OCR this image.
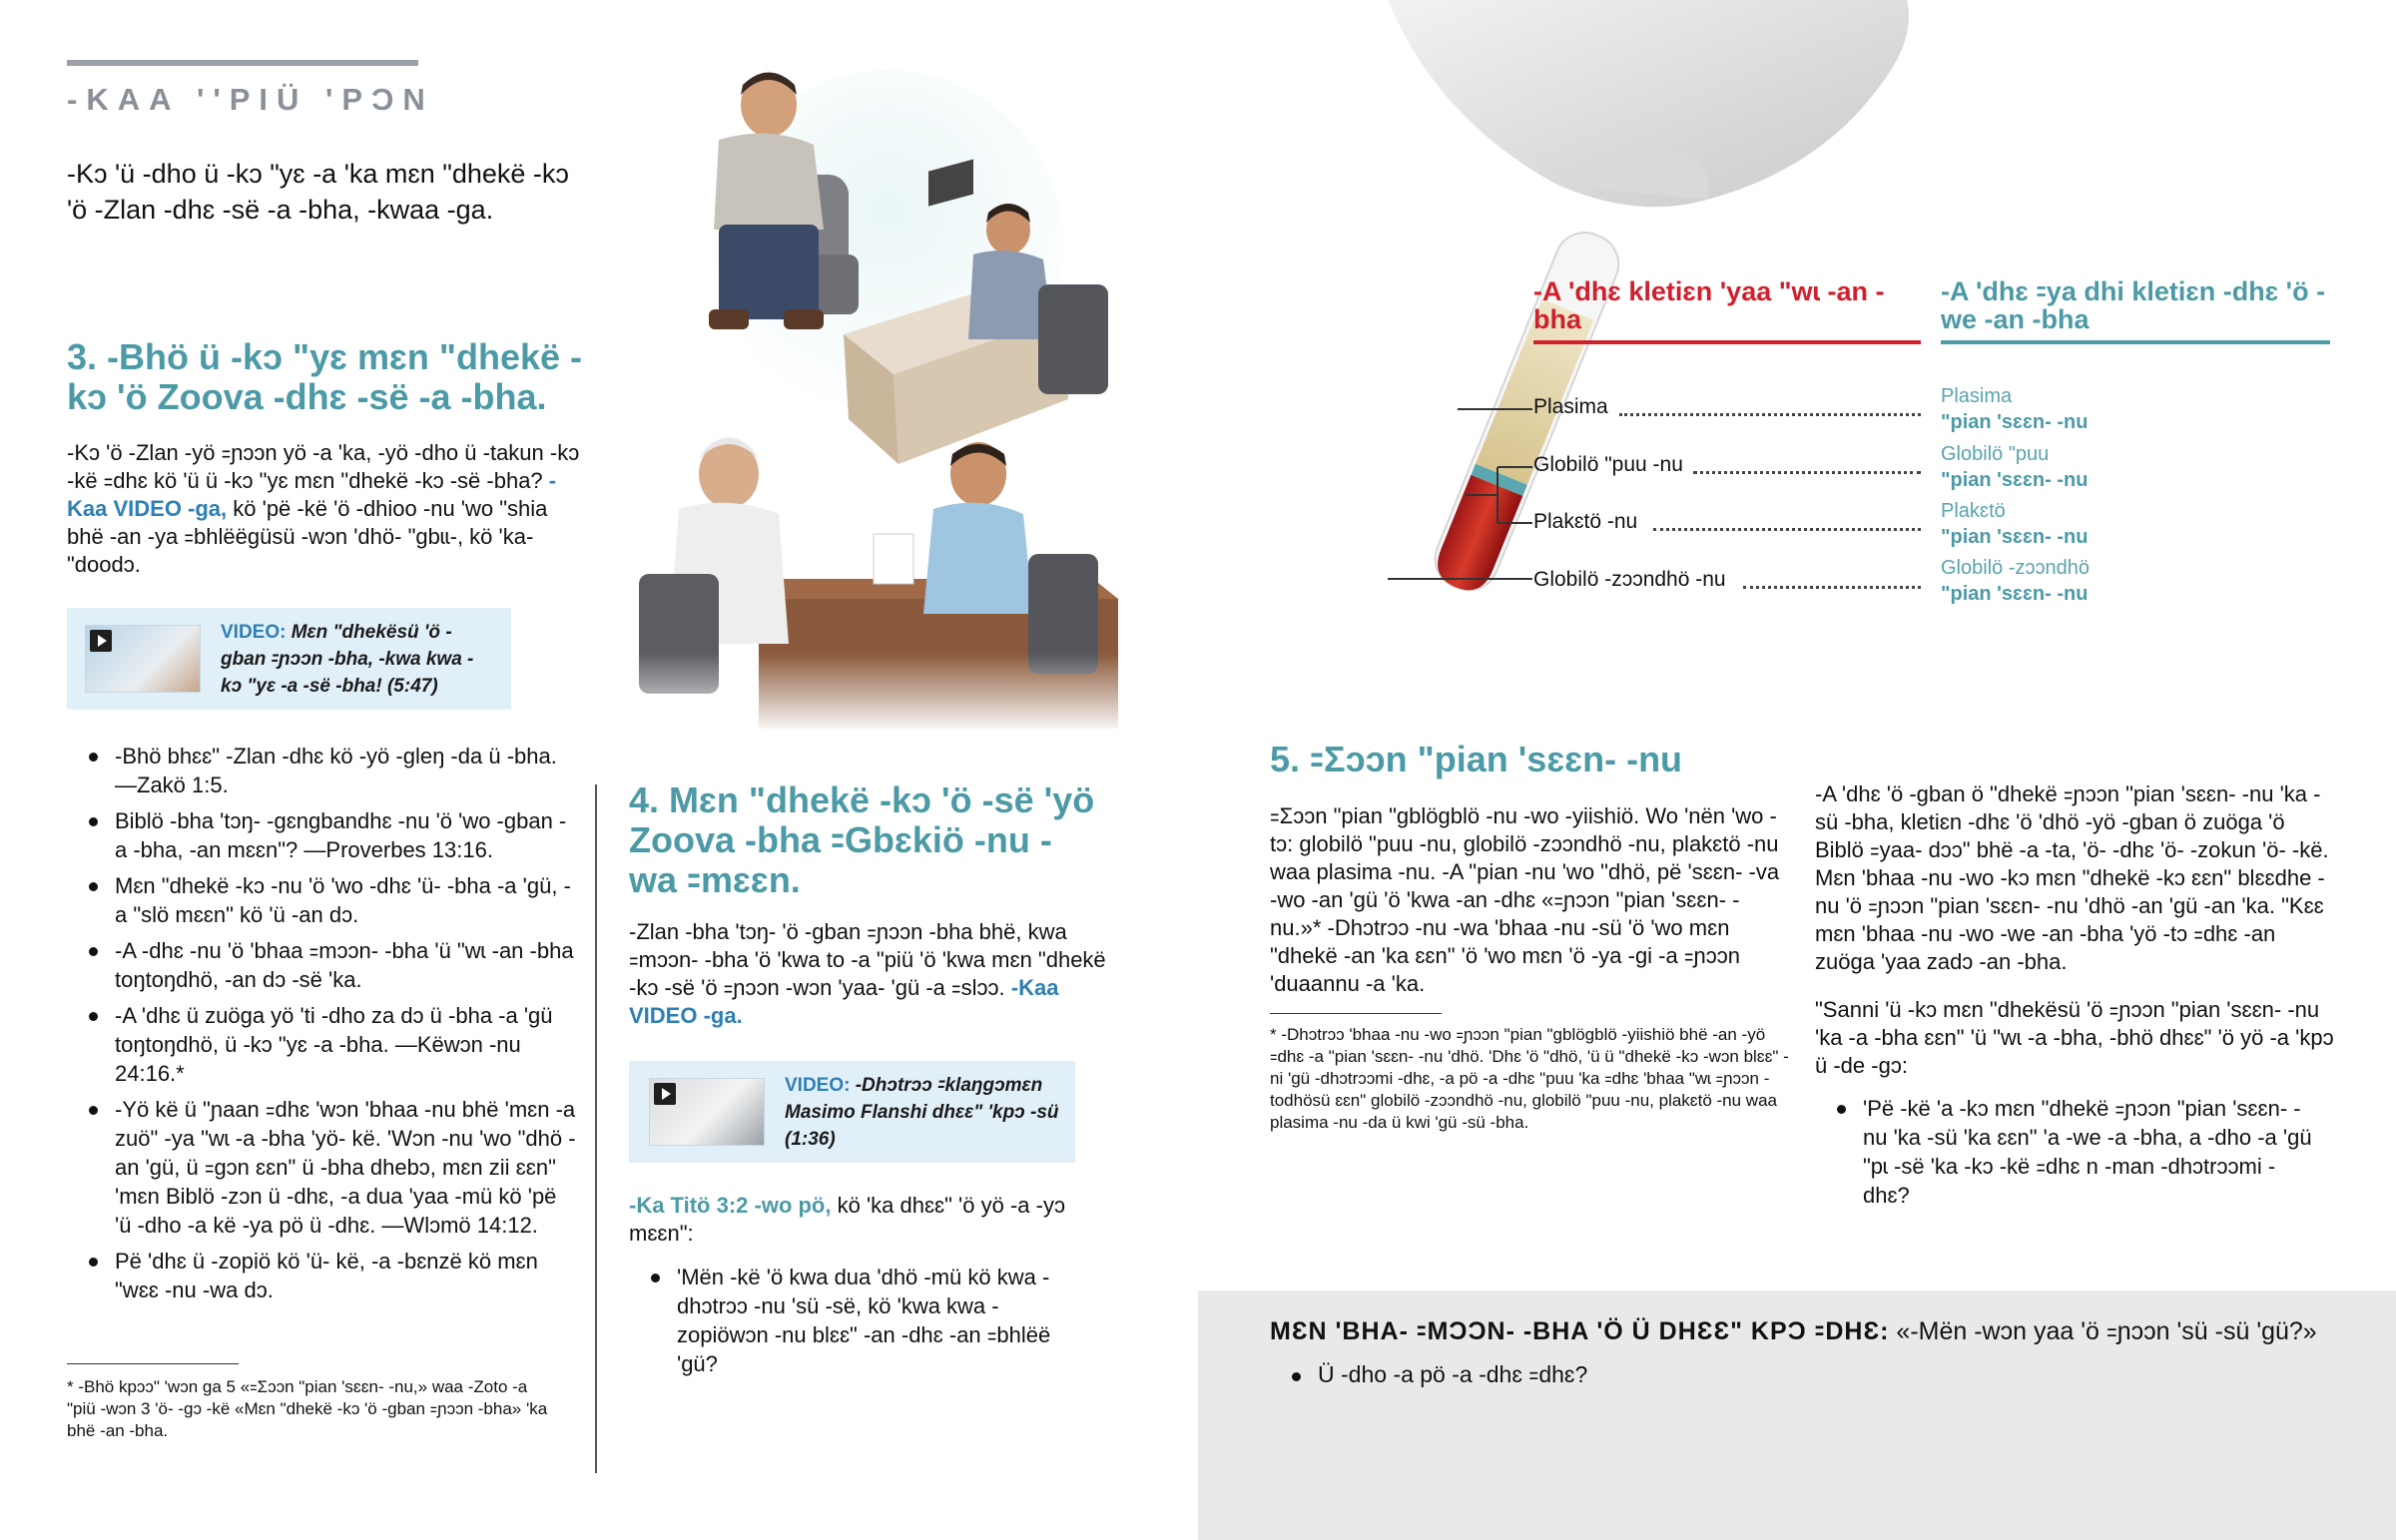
-KAA ''PIÜ 'PƆN
-Kɔ 'ü -dho ü -kɔ "yɛ -a 'ka mɛn "dhekë -kɔ 'ö -Zlan -dhɛ -së -a -bha, -kwaa -ga.
3. -Bhö ü -kɔ "yɛ mɛn "dhekë -kɔ 'ö Zoova -dhɛ -së -a -bha.
-Kɔ 'ö -Zlan -yö ꞊ɲɔɔn yö -a 'ka, -yö -dho ü -takun -kɔ -kë ꞊dhɛ kö 'ü ü -kɔ "yɛ mɛn "dhekë -kɔ -së -bha? -Kaa VIDEO -ga, kö 'pë -kë 'ö -dhioo -nu 'wo "shia bhë -an -ya ꞊bhlëëgüsü -wɔn 'dhö- "gbɩɩ-, kö 'ka- "doodɔ.
VIDEO: Mɛn "dhekësü 'ö -gban ꞊ɲɔɔn -bha, -kwa kwa -kɔ "yɛ -a -së -bha! (5:47)
-Bhö bhɛɛ" -Zlan -dhɛ kö -yö -gleŋ -da ü -bha.—Zakö 1:5.
Biblö -bha 'tɔŋ- -gɛngbandhɛ -nu 'ö 'wo -gban -a -bha, -an mɛɛn"? —Proverbes 13:16.
Mɛn "dhekë -kɔ -nu 'ö 'wo -dhɛ 'ü- -bha -a 'gü, -a "slö mɛɛn" kö 'ü -an dɔ.
-A -dhɛ -nu 'ö 'bhaa ꞊mɔɔn- -bha 'ü "wɩ -an -bha toŋtoŋdhö, -an dɔ -së 'ka.
-A 'dhɛ ü zuöga yö 'ti -dho za dɔ ü -bha -a 'gü toŋtoŋdhö, ü -kɔ "yɛ -a -bha. —Këwɔn -nu 24:16.*
-Yö kë ü "ɲaan ꞊dhɛ 'wɔn 'bhaa -nu bhë 'mɛn -a zuö" -ya "wɩ -a -bha 'yö- kë. 'Wɔn -nu 'wo "dhö -an 'gü, ü ꞊gɔn ɛɛn" ü -bha dhebɔ, mɛn zii ɛɛn" 'mɛn Biblö -zɔn ü -dhɛ, -a dua 'yaa -mü kö 'pë 'ü -dho -a kë -ya pö ü -dhɛ. —Wlɔmö 14:12.
Pë 'dhɛ ü -zopiö kö 'ü- kë, -a -bɛnzë kö mɛn "wɛɛ -nu -wa dɔ.
* -Bhö kpɔɔ" 'wɔn ga 5 «꞊Ʃɔɔn "pian 'sɛɛn- -nu,» waa -Zoto -a "piü -wɔn 3 'ö- -gɔ -kë «Mɛn "dhekë -kɔ 'ö -gban ꞊ɲɔɔn -bha» 'ka bhë -an -bha.
4. Mɛn "dhekë -kɔ 'ö -së 'yö Zoova -bha ꞊Gbɛkiö -nu -wa ꞊mɛɛn.
-Zlan -bha 'tɔŋ- 'ö -gban ꞊ɲɔɔn -bha bhë, kwa ꞊mɔɔn- -bha 'ö 'kwa to -a "piü 'ö 'kwa mɛn "dhekë -kɔ -së 'ö ꞊ɲɔɔn -wɔn 'yaa- 'gü -a ꞊slɔɔ. -Kaa VIDEO -ga.
VIDEO: -Dhɔtrɔɔ ꞊klaŋgɔmɛn Masimo Flanshi dhɛɛ" 'kpɔ -sü (1:36)
-Ka Titö 3:2 -wo pö, kö 'ka dhɛɛ" 'ö yö -a -yɔ mɛɛn":
'Mën -kë 'ö kwa dua 'dhö -mü kö kwa -dhɔtrɔɔ -nu 'sü -së, kö 'kwa kwa -zopiöwɔn -nu blɛɛ" -an -dhɛ -an ꞊bhlëë 'gü?
-A 'dhɛ kletiɛn 'yaa "wɩ -an -bha
-A 'dhɛ ꞊ya dhi kletiɛn -dhɛ 'ö -we -an -bha
Plasima	Plasima
"pian 'sɛɛn- -nu
Globilö "puu -nu	Globilö "puu
"pian 'sɛɛn- -nu
Plakɛtö -nu	Plakɛtö
"pian 'sɛɛn- -nu
Globilö -zɔɔndhö -nu	Globilö -zɔɔndhö
"pian 'sɛɛn- -nu
5. ꞊Ʃɔɔn "pian 'sɛɛn- -nu
꞊Ʃɔɔn "pian "gblögblö -nu -wo -yiishiö. Wo 'nën 'wo -tɔ: globilö "puu -nu, globilö -zɔɔndhö -nu, plakɛtö -nu waa plasima -nu. -A "pian -nu 'wo "dhö, pë 'sɛɛn- -va -wo -an 'gü 'ö 'kwa -an -dhɛ «꞊ɲɔɔn "pian 'sɛɛn- -nu.»* -Dhɔtrɔɔ -nu -wa 'bhaa -nu -sü 'ö 'wo mɛn "dhekë -an 'ka ɛɛn" 'ö 'wo mɛn 'ö -ya -gi -a ꞊ɲɔɔn 'duaannu -a 'ka.
* -Dhɔtrɔɔ 'bhaa -nu -wo ꞊ɲɔɔn "pian "gblögblö -yiishiö bhë -an -yö ꞊dhɛ -a "pian 'sɛɛn- -nu 'dhö. 'Dhɛ 'ö "dhö, 'ü ü "dhekë -kɔ -wɔn blɛɛ" -ni 'gü -dhɔtrɔɔmi -dhɛ, -a pö -a -dhɛ "puu 'ka ꞊dhɛ 'bhaa "wɩ ꞊ɲɔɔn -todhösü ɛɛn" globilö -zɔɔndhö -nu, globilö "puu -nu, plakɛtö -nu waa plasima -nu -da ü kwi 'gü -sü -bha.
-A 'dhɛ 'ö -gban ö "dhekë ꞊ɲɔɔn "pian 'sɛɛn- -nu 'ka -sü -bha, kletiɛn -dhɛ 'ö 'dhö -yö -gban ö zuöga 'ö Biblö ꞊yaa- dɔɔ" bhë -a -ta, 'ö- -dhɛ 'ö- -zokun 'ö- -kë. Mɛn 'bhaa -nu -wo -kɔ mɛn "dhekë -kɔ ɛɛn" blɛɛdhe -nu 'ö ꞊ɲɔɔn "pian 'sɛɛn- -nu 'dhö -an 'gü -an 'ka. "Kɛɛ mɛn 'bhaa -nu -wo -we -an -bha 'yö -tɔ ꞊dhɛ -an zuöga 'yaa zadɔ -an -bha.
"Sanni 'ü -kɔ mɛn "dhekësü 'ö ꞊ɲɔɔn "pian 'sɛɛn- -nu 'ka -a -bha ɛɛn" 'ü "wɩ -a -bha, -bhö dhɛɛ" 'ö yö -a 'kpɔ ü -de -gɔ:
'Pë -kë 'a -kɔ mɛn "dhekë ꞊ɲɔɔn "pian 'sɛɛn- -nu 'ka -sü 'ka ɛɛn" 'a -we -a -bha, a -dho -a 'gü "pɩ -së 'ka -kɔ -kë ꞊dhɛ n -man -dhɔtrɔɔmi -dhɛ?
MƐN 'BHA- ꞊MƆƆN- -BHA 'Ö Ü DHƐƐ" KPƆ ꞊DHƐ: «-Mën -wɔn yaa 'ö ꞊ɲɔɔn 'sü -sü 'gü?»
Ü -dho -a pö -a -dhɛ ꞊dhɛ?
